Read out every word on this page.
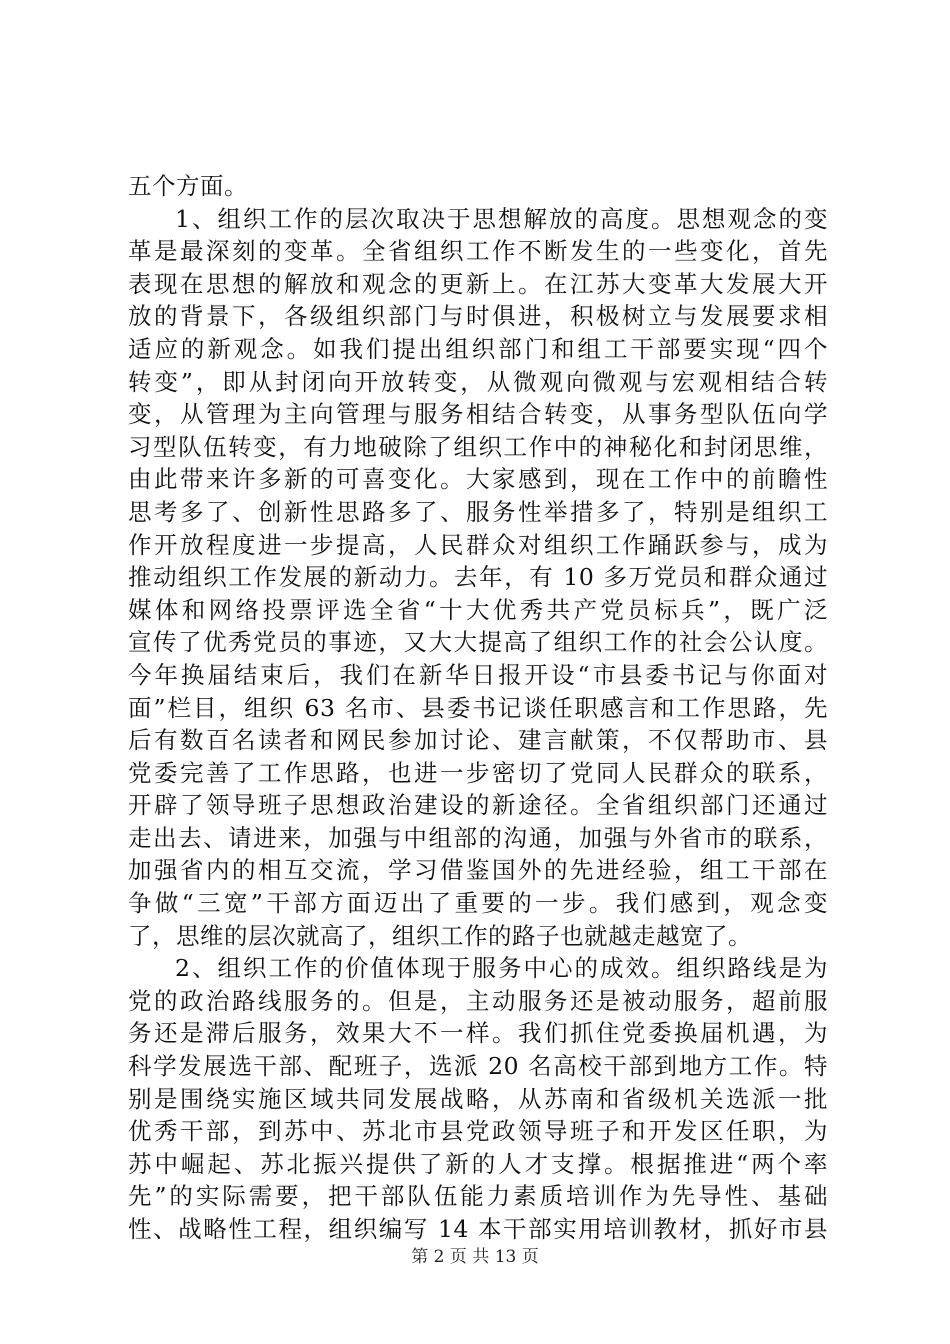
五个方面。
1、组织工作的层次取决于思想解放的高度。思想观念的变
革是最深刻的变革。全省组织工作不断发生的一些变化，首先
表现在思想的解放和观念的更新上。在江苏大变革大发展大开
放的背景下，各级组织部门与时俱进，积极树立与发展要求相
适应的新观念。如我们提出组织部门和组工干部要实现“四个
转变”，即从封闭向开放转变，从微观向微观与宏观相结合转
变，从管理为主向管理与服务相结合转变，从事务型队伍向学
习型队伍转变，有力地破除了组织工作中的神秘化和封闭思维，
由此带来许多新的可喜变化。大家感到，现在工作中的前瞻性
思考多了、创新性思路多了、服务性举措多了，特别是组织工
作开放程度进一步提高，人民群众对组织工作踊跃参与，成为
推动组织工作发展的新动力。去年，有 10 多万党员和群众通过
媒体和网络投票评选全省“十大优秀共产党员标兵”，既广泛
宣传了优秀党员的事迹，又大大提高了组织工作的社会公认度。
今年换届结束后，我们在新华日报开设“市县委书记与你面对
面”栏目，组织 63 名市、县委书记谈任职感言和工作思路，先
后有数百名读者和网民参加讨论、建言献策，不仅帮助市、县
党委完善了工作思路，也进一步密切了党同人民群众的联系，
开辟了领导班子思想政治建设的新途径。全省组织部门还通过
走出去、请进来，加强与中组部的沟通，加强与外省市的联系，
加强省内的相互交流，学习借鉴国外的先进经验，组工干部在
争做“三宽”干部方面迈出了重要的一步。我们感到，观念变
了，思维的层次就高了，组织工作的路子也就越走越宽了。
2、组织工作的价值体现于服务中心的成效。组织路线是为
党的政治路线服务的。但是，主动服务还是被动服务，超前服
务还是滞后服务，效果大不一样。我们抓住党委换届机遇，为
科学发展选干部、配班子，选派 20 名高校干部到地方工作。特
别是围绕实施区域共同发展战略，从苏南和省级机关选派一批
优秀干部，到苏中、苏北市县党政领导班子和开发区任职，为
苏中崛起、苏北振兴提供了新的人才支撑。根据推进“两个率
先”的实际需要，把干部队伍能力素质培训作为先导性、基础
性、战略性工程，组织编写 14 本干部实用培训教材，抓好市县
第 2 页 共 13 页
